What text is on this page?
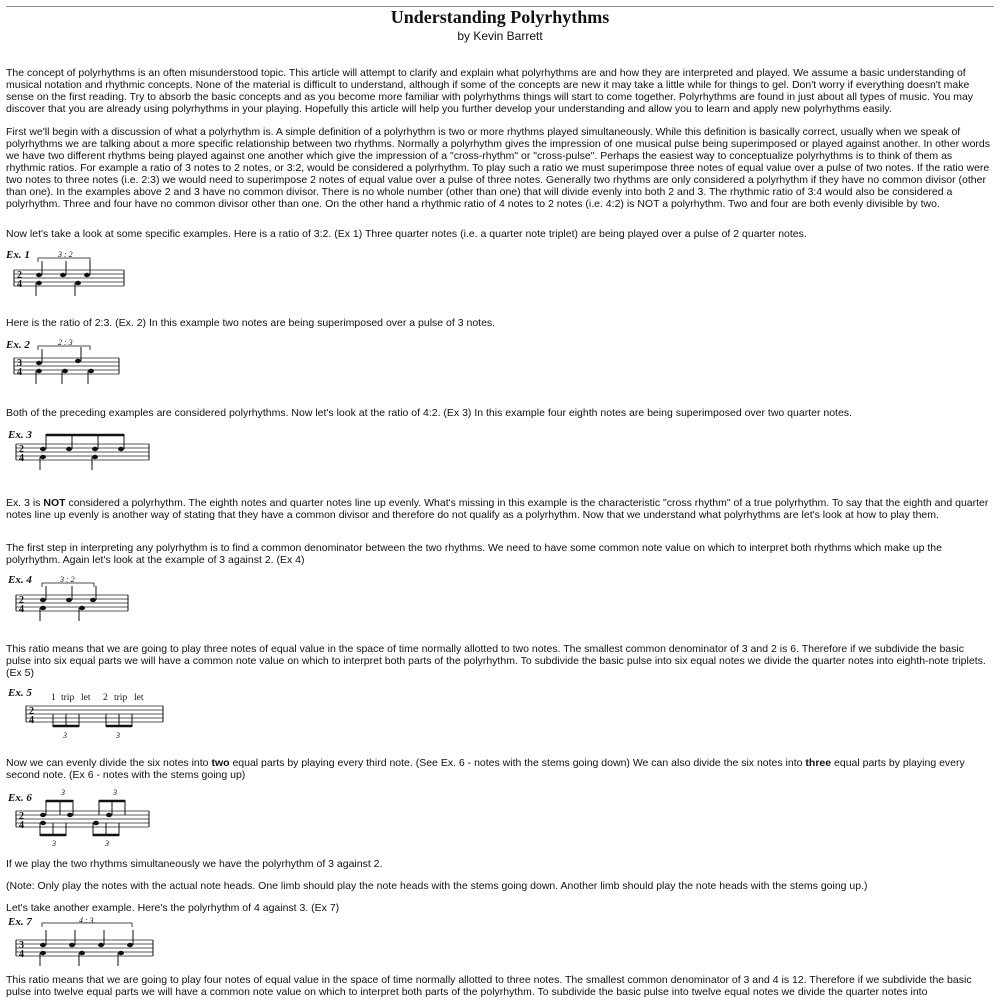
Understanding Polyrhythms
by Kevin Barrett

The concept of polyrhythms is an often misunderstood topic. This article will attempt to clarify and explain what polyrhythms are and how they are interpreted and played. We assume a basic understanding of musical notation and rhythmic concepts. None of the material is difficult to understand, although if some of the concepts are new it may take a little while for things to gel. Don't worry if everything doesn't make sense on the first reading. Try to absorb the basic concepts and as you become more familiar with polyrhythms things will start to come together. Polyrhythms are found in just about all types of music. You may discover that you are already using polyrhythms in your playing. Hopefully this article will help you further develop your understanding and allow you to learn and apply new polyrhythms easily.

First we'll begin with a discussion of what a polyrhythm is. A simple definition of a polyrhythm is two or more rhythms played simultaneously. While this definition is basically correct, usually when we speak of polyrhythms we are talking about a more specific relationship between two rhythms. Normally a polyrhythm gives the impression of one musical pulse being superimposed or played against another. In other words we have two different rhythms being played against one another which give the impression of a "cross-rhythm" or "cross-pulse". Perhaps the easiest way to conceptualize polyrhythms is to think of them as rhythmic ratios. For example a ratio of 3 notes to 2 notes, or 3:2, would be considered a polyrhythm. To play such a ratio we must superimpose three notes of equal value over a pulse of two notes. If the ratio were two notes to three notes (i.e. 2:3) we would need to superimpose 2 notes of equal value over a pulse of three notes. Generally two rhythms are only considered a polyrhythm if they have no common divisor (other than one). In the examples above 2 and 3 have no common divisor. There is no whole number (other than one) that will divide evenly into both 2 and 3. The rhythmic ratio of 3:4 would also be considered a polyrhythm. Three and four have no common divisor other than one. On the other hand a rhythmic ratio of 4 notes to 2 notes (i.e. 4:2) is NOT a polyrhythm. Two and four are both evenly divisible by two.

Now let's take a look at some specific examples. Here is a ratio of 3:2. (Ex 1) Three quarter notes (i.e. a quarter note triplet) are being played over a pulse of 2 quarter notes.

Ex. 1	3 : 2
2
4

Here is the ratio of 2:3. (Ex. 2) In this example two notes are being superimposed over a pulse of 3 notes.

Ex. 2	2 : 3
3
4

Both of the preceding examples are considered polyrhythms. Now let's look at the ratio of 4:2. (Ex 3) In this example four eighth notes are being superimposed over two quarter notes.

Ex. 3
2
4

Ex. 3 is NOT considered a polyrhythm. The eighth notes and quarter notes line up evenly. What's missing in this example is the characteristic "cross rhythm" of a true polyrhythm. To say that the eighth and quarter notes line up evenly is another way of stating that they have a common divisor and therefore do not qualify as a polyrhythm. Now that we understand what polyrhythms are let's look at how to play them.

The first step in interpreting any polyrhythm is to find a common denominator between the two rhythms. We need to have some common note value on which to interpret both rhythms which make up the polyrhythm. Again let's look at the example of 3 against 2. (Ex 4)

Ex. 4	3 : 2
2
4

This ratio means that we are going to play three notes of equal value in the space of time normally allotted to two notes. The smallest common denominator of 3 and 2 is 6. Therefore if we subdivide the basic pulse into six equal parts we will have a common note value on which to interpret both parts of the polyrhythm. To subdivide the basic pulse into six equal notes we divide the quarter notes into eighth-note triplets. (Ex 5)

Ex. 5 1 trip let 2 trip let
2
4
3	3

Now we can evenly divide the six notes into two equal parts by playing every third note. (See Ex. 6 - notes with the stems going down) We can also divide the six notes into three equal parts by playing every second note. (Ex 6 - notes with the stems going up)

Ex. 6	3	3
2
4
3	3

If we play the two rhythms simultaneously we have the polyrhythm of 3 against 2.

(Note: Only play the notes with the actual note heads. One limb should play the note heads with the stems going down. Another limb should play the note heads with the stems going up.)

Let's take another example. Here's the polyrhythm of 4 against 3. (Ex 7)

Ex. 7	4 : 3
3
4

This ratio means that we are going to play four notes of equal value in the space of time normally allotted to three notes. The smallest common denominator of 3 and 4 is 12. Therefore if we subdivide the basic pulse into twelve equal parts we will have a common note value on which to interpret both parts of the polyrhythm. To subdivide the basic pulse into twelve equal notes we divide the quarter notes into
